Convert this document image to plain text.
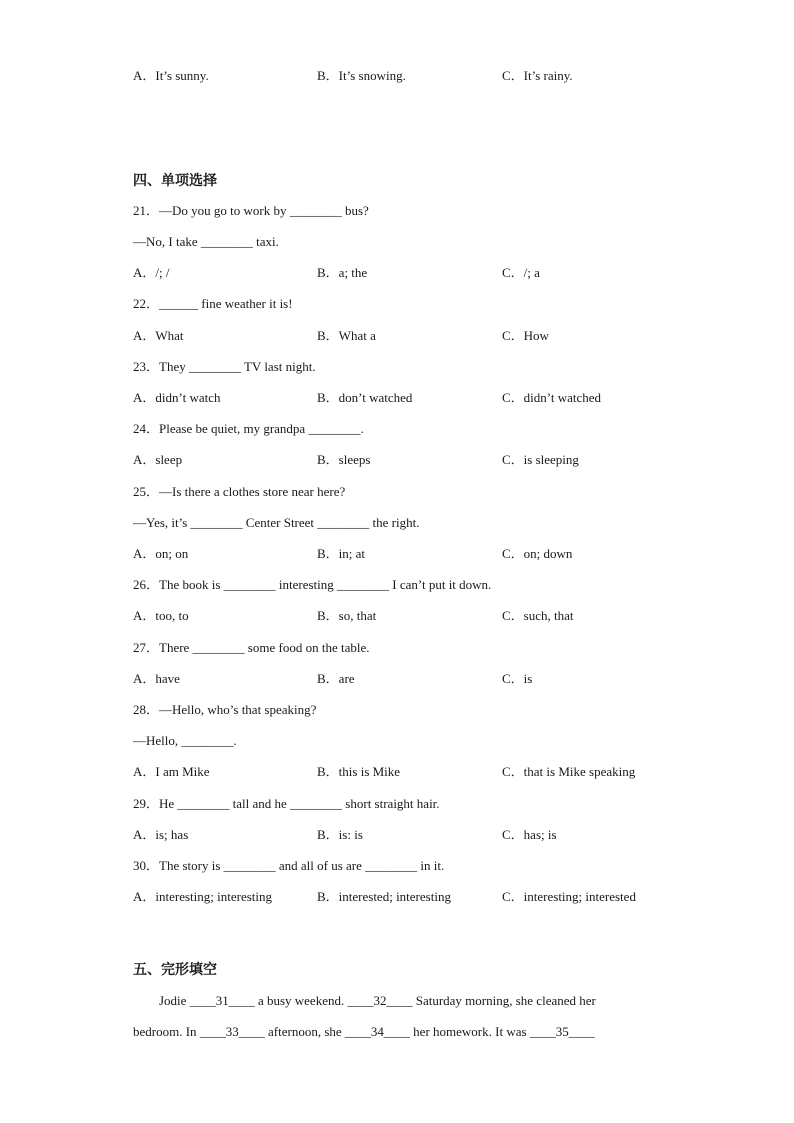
A．It’s sunny.	B．It’s snowing.	C．It’s rainy.
四、单项选择
21．—Do you go to work by ________ bus?
—No, I take ________ taxi.
A．/; /	B．a; the	C．/; a
22．______ fine weather it is!
A．What	B．What a	C．How
23．They ________ TV last night.
A．didn’t watch	B．don’t watched	C．didn’t watched
24．Please be quiet, my grandpa ________.
A．sleep	B．sleeps	C．is sleeping
25．—Is there a clothes store near here?
—Yes, it’s ________ Center Street ________ the right.
A．on; on	B．in; at	C．on; down
26．The book is ________ interesting ________ I can’t put it down.
A．too, to	B．so, that	C．such, that
27．There ________ some food on the table.
A．have	B．are	C．is
28．—Hello, who’s that speaking?
—Hello, ________.
A．I am Mike	B．this is Mike	C．that is Mike speaking
29．He ________ tall and he ________ short straight hair.
A．is; has	B．is: is	C．has; is
30．The story is ________ and all of us are ________ in it.
A．interesting; interesting	B．interested; interesting	C．interesting; interested
五、完形填空
　　Jodie ____31____ a busy weekend. ____32____ Saturday morning, she cleaned her
bedroom. In ____33____ afternoon, she ____34____ her homework. It was ____35____
